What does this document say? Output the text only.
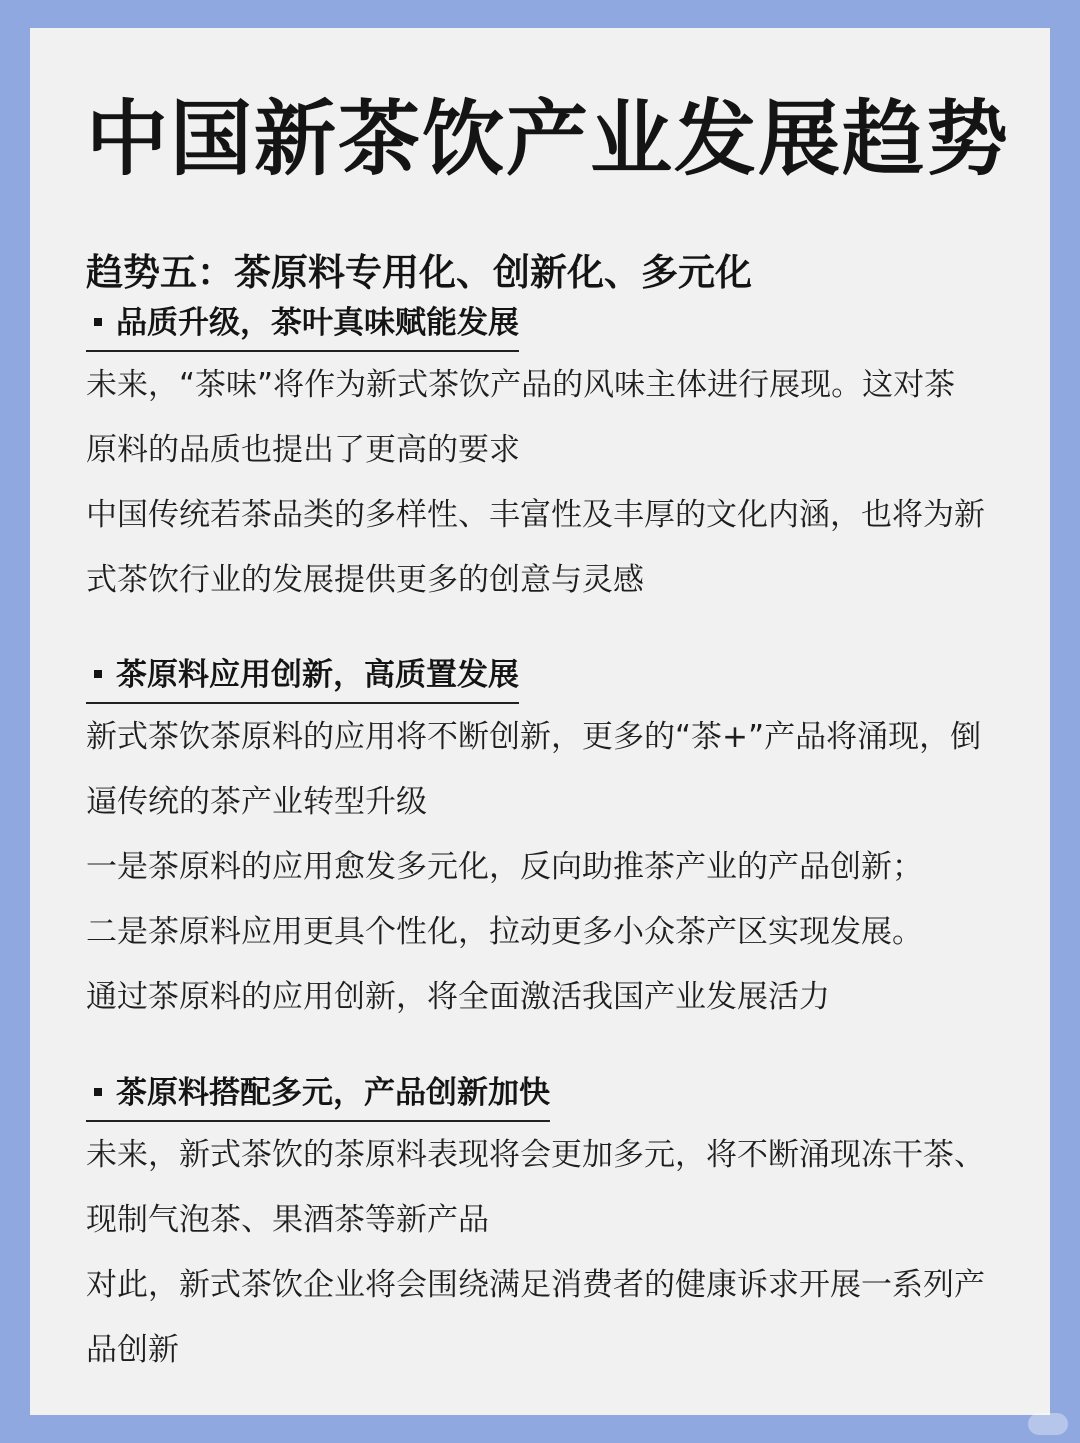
中国新茶饮产业发展趋势
趋势五：茶原料专用化、创新化、多元化
品质升级，茶叶真味赋能发展

未来，“茶味”将作为新式茶饮产品的风味主体进行展现。这对茶原料的品质也提出了更高的要求

中国传统若茶品类的多样性、丰富性及丰厚的文化内涵，也将为新式茶饮行业的发展提供更多的创意与灵感

茶原料应用创新，高质置发展

新式茶饮茶原料的应用将不断创新，更多的“茶+”产品将涌现，倒逼传统的茶产业转型升级

一是茶原料的应用愈发多元化，反向助推茶产业的产品创新；

二是茶原料应用更具个性化，拉动更多小众茶产区实现发展。

通过茶原料的应用创新，将全面激活我国产业发展活力

茶原料搭配多元，产品创新加快

未来，新式茶饮的茶原料表现将会更加多元，将不断涌现冻干茶、现制气泡茶、果酒茶等新产品

对此，新式茶饮企业将会围绕满足消费者的健康诉求开展一系列产品创新
